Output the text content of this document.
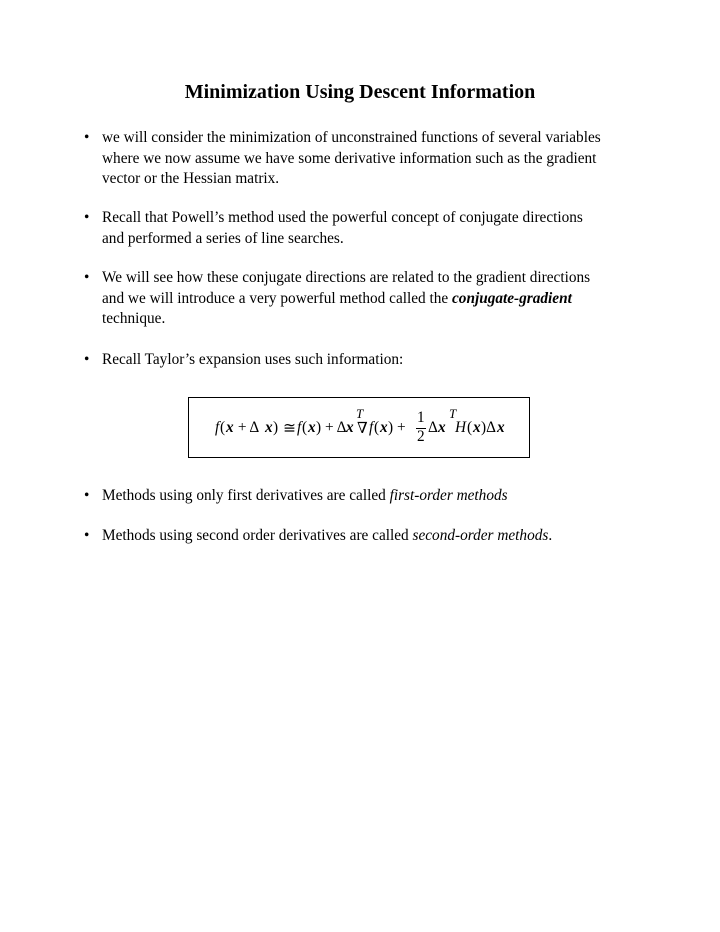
Minimization Using Descent Information
• we will consider the minimization of unconstrained functions of several variables
where we now assume we have some derivative information such as the gradient
vector or the Hessian matrix.
• Recall that Powell’s method used the powerful concept of conjugate directions
and performed a series of line searches.
• We will see how these conjugate directions are related to the gradient directions
and we will introduce a very powerful method called the conjugate-gradient
technique.
• Recall Taylor’s expansion uses such information:
f ( x + Δ x ) ≅ f ( x ) + Δ x
T
∇ f ( x ) +
1
2
Δ x
T
H ( x )Δ x
• Methods using only first derivatives are called first-order methods
• Methods using second order derivatives are called second-order methods.
